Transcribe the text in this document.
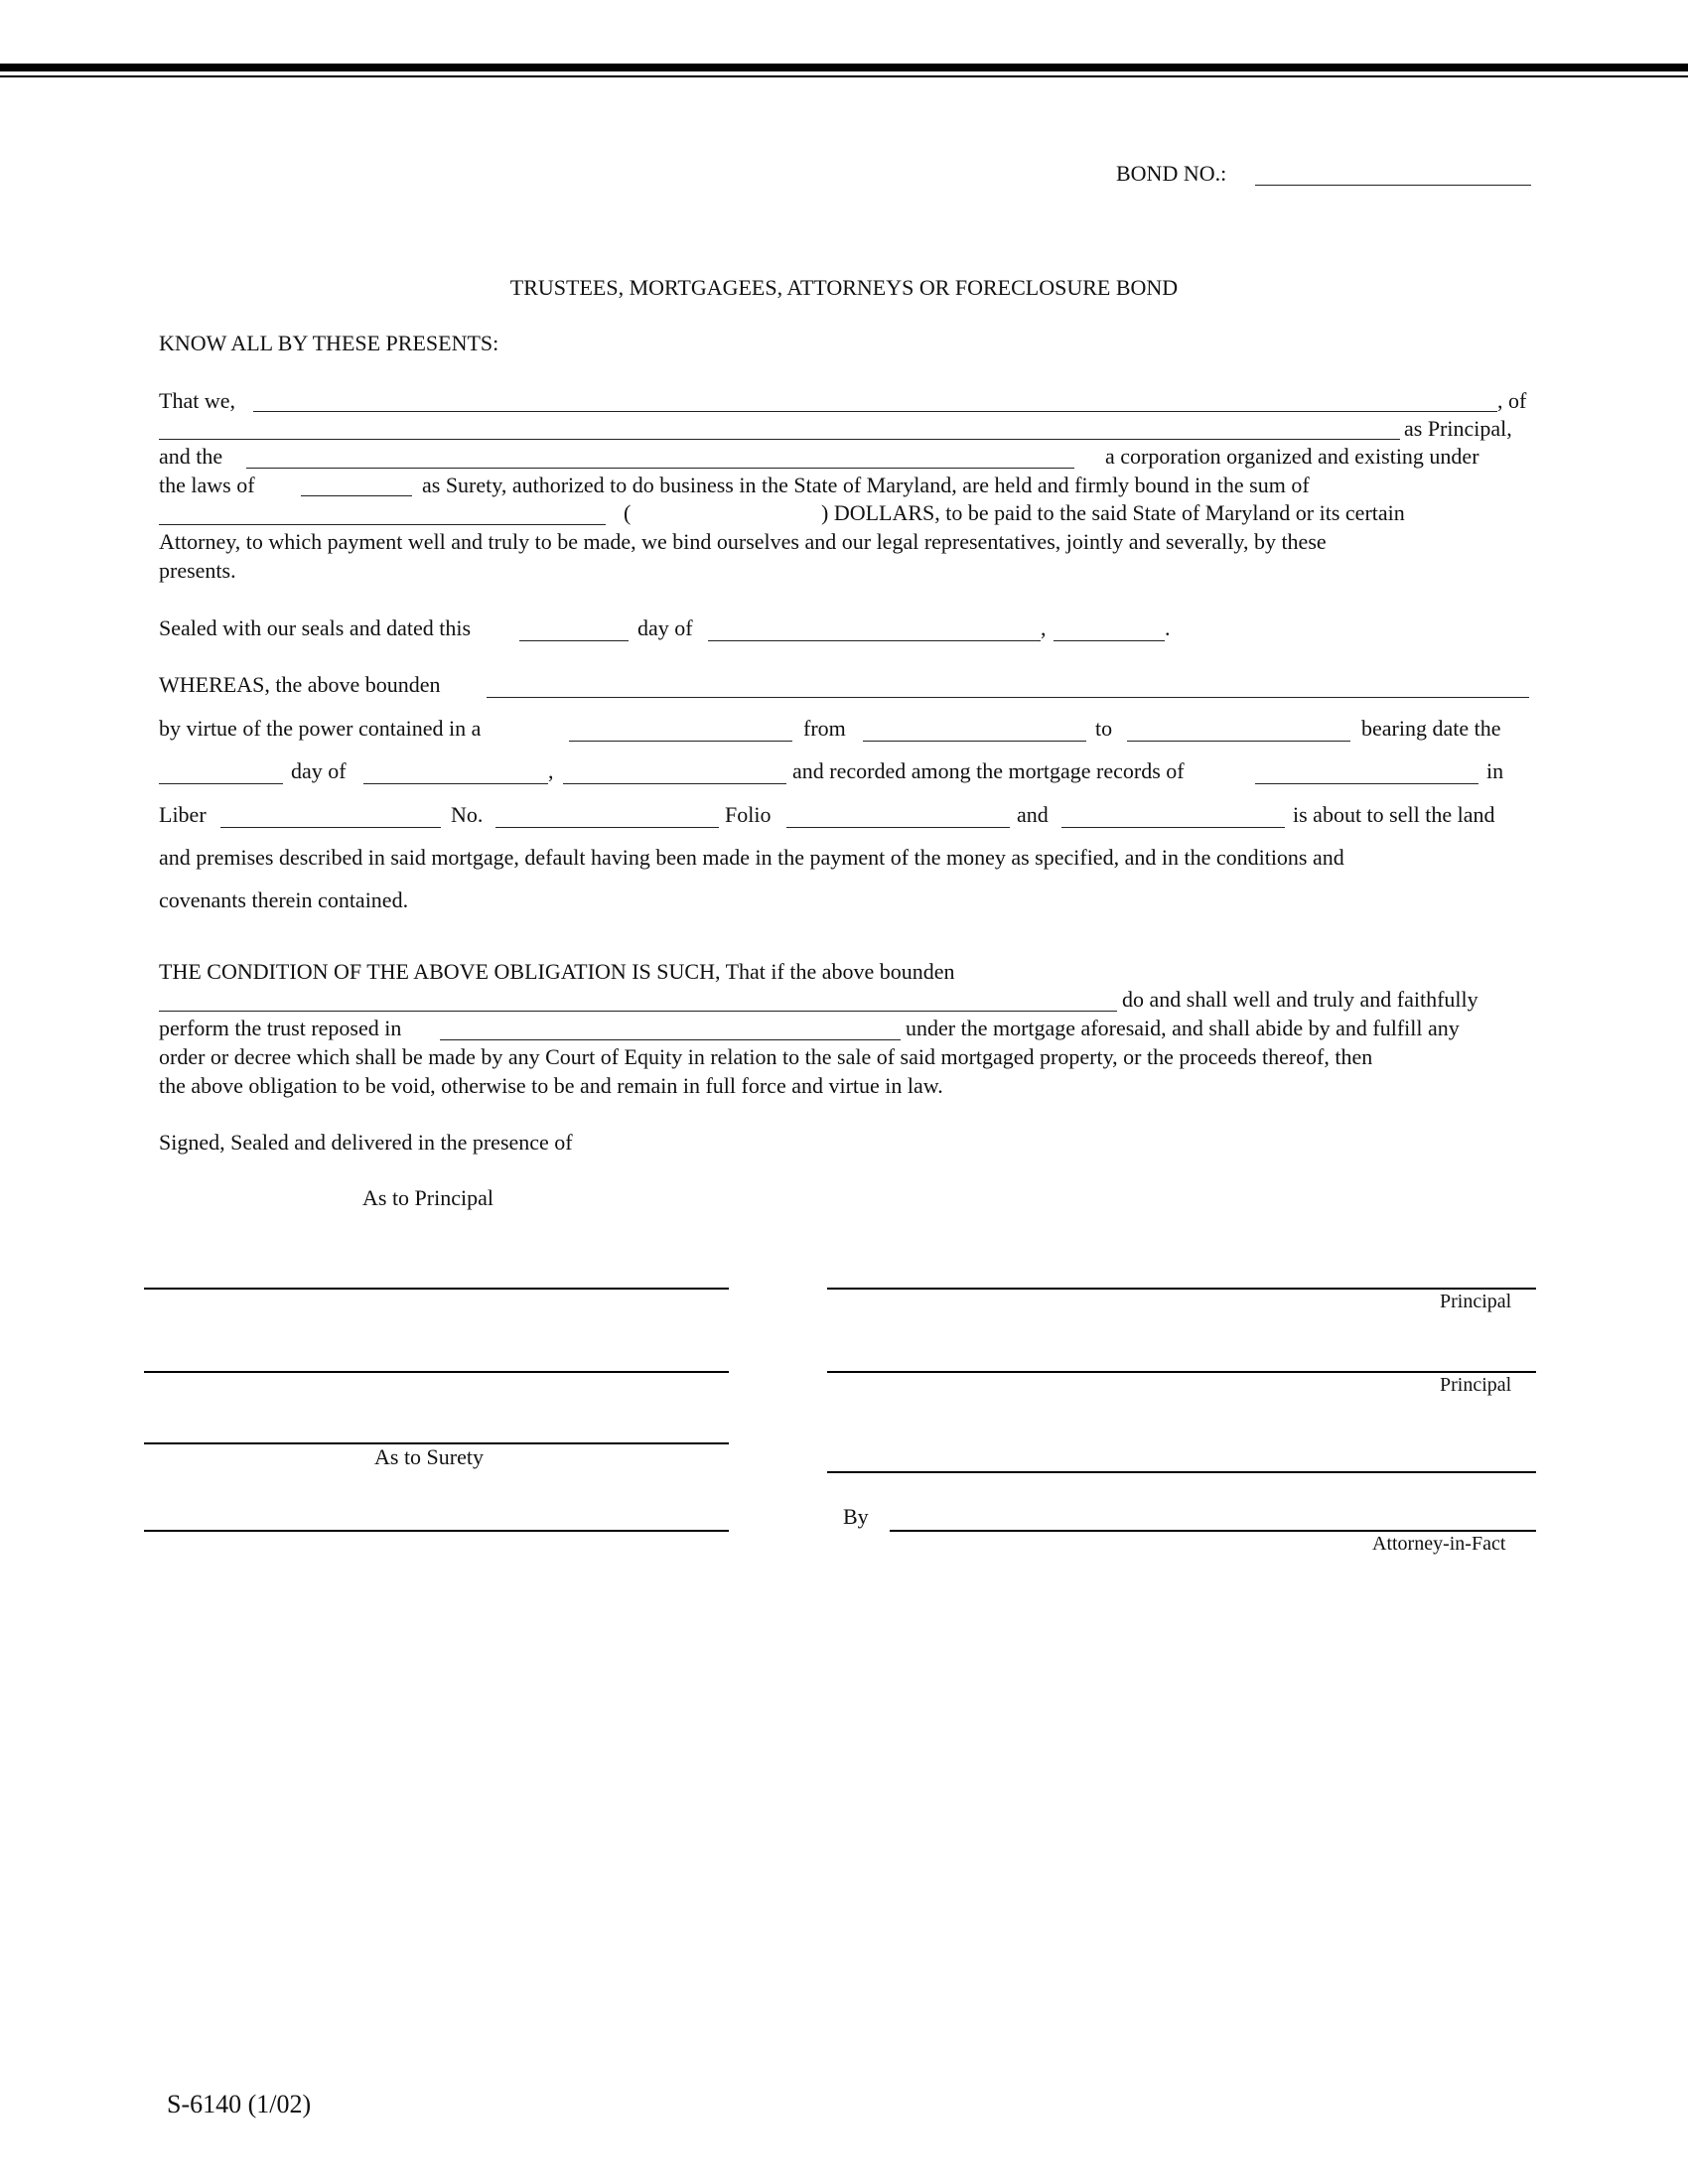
BOND NO.:
TRUSTEES, MORTGAGEES, ATTORNEYS OR FORECLOSURE BOND
KNOW ALL BY THESE PRESENTS:
That we,	, of
as Principal,
and the	a corporation organized and existing under
the laws of	as Surety, authorized to do business in the State of Maryland, are held and firmly bound in the sum of
(	) DOLLARS, to be paid to the said State of Maryland or its certain
Attorney, to which payment well and truly to be made, we bind ourselves and our legal representatives, jointly and severally, by these
presents.
Sealed with our seals and dated this	day of	,	.
WHEREAS, the above bounden
by virtue of the power contained in a	from	to	bearing date the
day of	,	and recorded among the mortgage records of	in
Liber	No.	Folio	and	is about to sell the land
and premises described in said mortgage, default having been made in the payment of the money as specified, and in the conditions and
covenants therein contained.
THE CONDITION OF THE ABOVE OBLIGATION IS SUCH, That if the above bounden
do and shall well and truly and faithfully
perform the trust reposed in	under the mortgage aforesaid, and shall abide by and fulfill any
order or decree which shall be made by any Court of Equity in relation to the sale of said mortgaged property, or the proceeds thereof, then
the above obligation to be void, otherwise to be and remain in full force and virtue in law.
Signed, Sealed and delivered in the presence of
As to Principal
Principal
Principal
As to Surety
By
Attorney-in-Fact
S-6140 (1/02)
